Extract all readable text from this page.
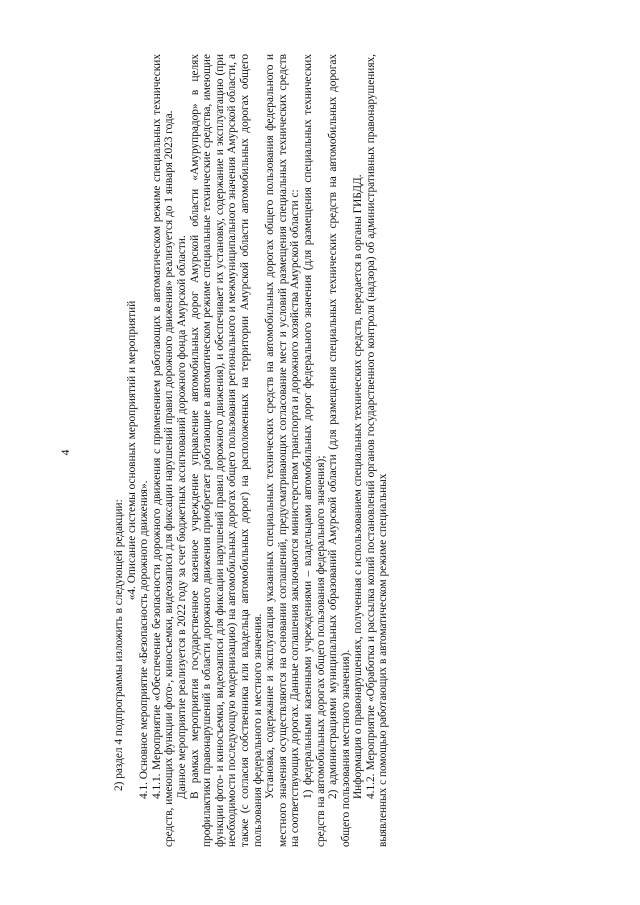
4

2) раздел 4 подпрограммы изложить в следующей редакции:

«4. Описание системы основных мероприятий и мероприятий

4.1. Основное мероприятие «Безопасность дорожного движения». 4.1.1. Мероприятие «Обеспечение безопасности дорожного движения с применением работающих в автоматическом режиме специальных технических средств, имеющих функции фото-, киносъемки, видеозаписи для фиксации нарушений правил дорожного движения» реализуется до 1 января 2023 года. Данное мероприятие реализуется в 2022 году за счет бюджетных ассигнований дорожного фонда Амурской области. В рамках мероприятия государственное казенное учреждение управление автомобильных дорог Амурской области «Амурупрадор» в целях профилактики правонарушений в области дорожного движения приобретает работающие в автоматическом режиме специальные технические средства, имеющие функции фото- и киносъемки, видеозаписи для фиксации нарушений правил дорожного движения), и обеспечивает их установку, содержание и эксплуатацию (при необходимости последующую модернизацию) на автомобильных дорогах общего пользования регионального и межмуниципального значения Амурской области, а также (с согласия собственника или владельца автомобильных дорог) на расположенных на территории Амурской области автомобильных дорогах общего пользования федерального и местного значения. Установка, содержание и эксплуатация указанных специальных технических средств на автомобильных дорогах общего пользования федерального и местного значения осуществляются на основании соглашений, предусматривающих согласование мест и условий размещения специальных технических средств на соответствующих дорогах. Данные соглашения заключаются министерством транспорта и дорожного хозяйства Амурской области с: 1) федеральными казенными учреждениями – владельцами автомобильных дорог федерального значения (для размещения специальных технических средств на автомобильных дорогах общего пользования федерального значения); 2) администрациями муниципальных образований Амурской области (для размещения специальных технических средств на автомобильных дорогах общего пользования местного значения). Информация о правонарушениях, полученная с использованием специальных технических средств, передается в органы ГИБДД. 4.1.2. Мероприятие «Обработка и рассылка копий постановлений органов государственного контроля (надзора) об административных правонарушениях, выявленных с помощью работающих в автоматическом режиме специальных
